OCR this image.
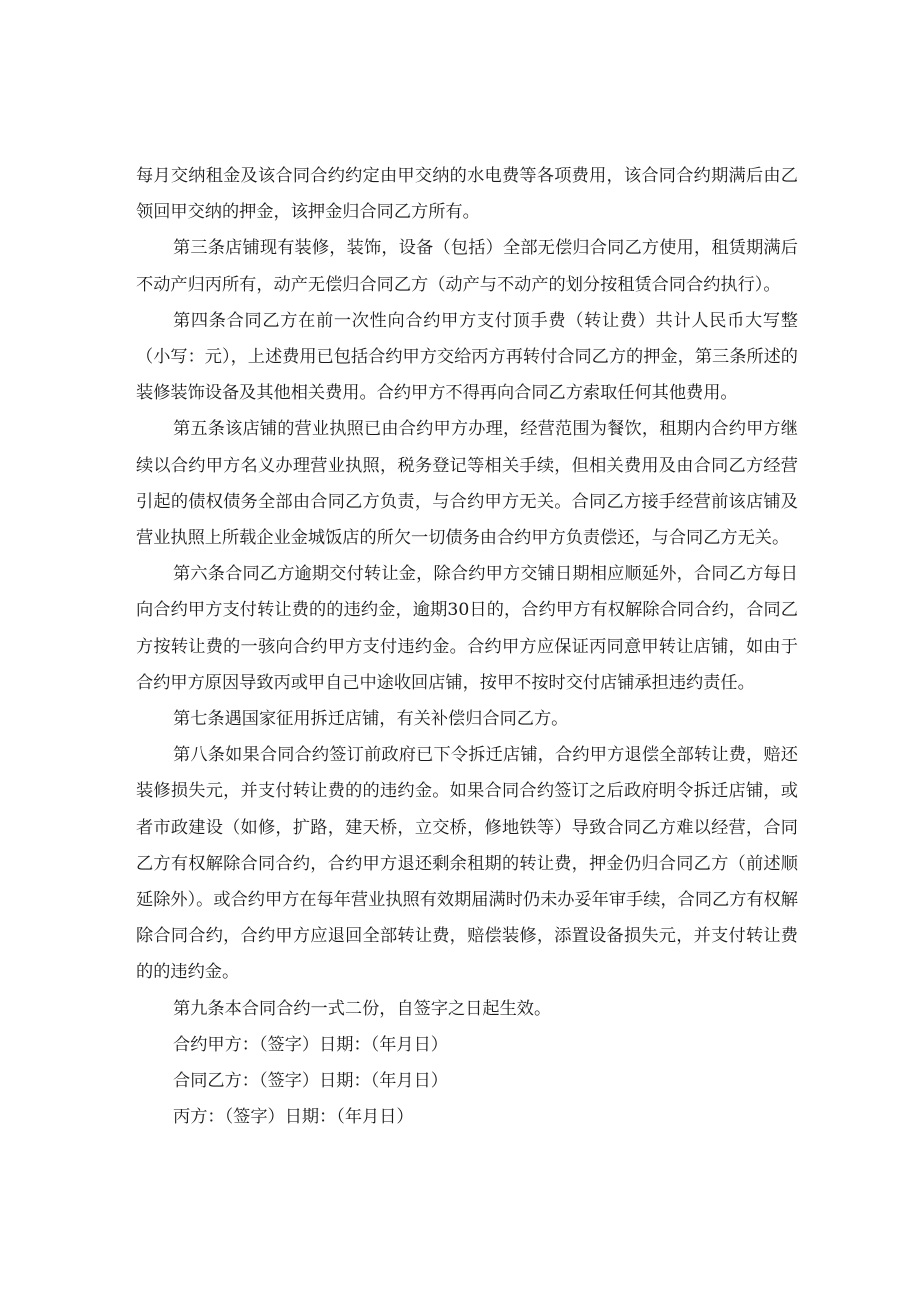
每月交纳租金及该合同合约约定由甲交纳的水电费等各项费用，该合同合约期满后由乙领回甲交纳的押金，该押金归合同乙方所有。

第三条店铺现有装修，装饰，设备（包括）全部无偿归合同乙方使用，租赁期满后不动产归丙所有，动产无偿归合同乙方（动产与不动产的划分按租赁合同合约执行）。

第四条合同乙方在前一次性向合约甲方支付顶手费（转让费）共计人民币大写整（小写：元），上述费用已包括合约甲方交给丙方再转付合同乙方的押金，第三条所述的装修装饰设备及其他相关费用。合约甲方不得再向合同乙方索取任何其他费用。

第五条该店铺的营业执照已由合约甲方办理，经营范围为餐饮，租期内合约甲方继续以合约甲方名义办理营业执照，税务登记等相关手续，但相关费用及由合同乙方经营引起的债权债务全部由合同乙方负责，与合约甲方无关。合同乙方接手经营前该店铺及营业执照上所载企业金城饭店的所欠一切债务由合约甲方负责偿还，与合同乙方无关。

第六条合同乙方逾期交付转让金，除合约甲方交铺日期相应顺延外，合同乙方每日向合约甲方支付转让费的的违约金，逾期30日的，合约甲方有权解除合同合约，合同乙方按转让费的一骇向合约甲方支付违约金。合约甲方应保证丙同意甲转让店铺，如由于合约甲方原因导致丙或甲自己中途收回店铺，按甲不按时交付店铺承担违约责任。

第七条遇国家征用拆迁店铺，有关补偿归合同乙方。

第八条如果合同合约签订前政府已下令拆迁店铺，合约甲方退偿全部转让费，赔还装修损失元，并支付转让费的的违约金。如果合同合约签订之后政府明令拆迁店铺，或者市政建设（如修，扩路，建天桥，立交桥，修地铁等）导致合同乙方难以经营，合同乙方有权解除合同合约，合约甲方退还剩余租期的转让费，押金仍归合同乙方（前述顺延除外）。或合约甲方在每年营业执照有效期届满时仍未办妥年审手续，合同乙方有权解除合同合约，合约甲方应退回全部转让费，赔偿装修，添置设备损失元，并支付转让费的的违约金。

第九条本合同合约一式二份，自签字之日起生效。

合约甲方：（签字）日期：（年月日）

合同乙方：（签字）日期：（年月日）

丙方：（签字）日期：（年月日）
